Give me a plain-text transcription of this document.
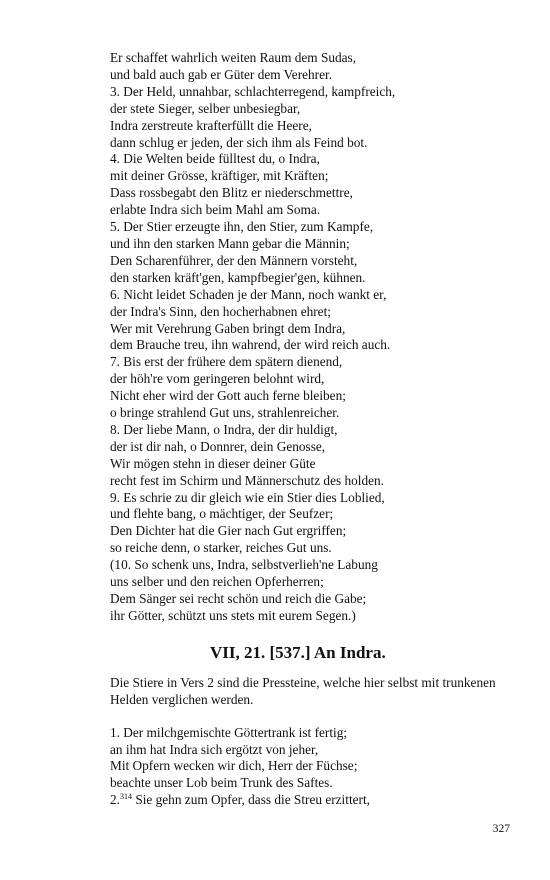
Er schaffet wahrlich weiten Raum dem Sudas,
und bald auch gab er Güter dem Verehrer.
3. Der Held, unnahbar, schlachterregend, kampfreich,
der stete Sieger, selber unbesiegbar,
Indra zerstreute krafterfüllt die Heere,
dann schlug er jeden, der sich ihm als Feind bot.
4. Die Welten beide fülltest du, o Indra,
mit deiner Grösse, kräftiger, mit Kräften;
Dass rossbegabt den Blitz er niederschmettre,
erlabte Indra sich beim Mahl am Soma.
5. Der Stier erzeugte ihn, den Stier, zum Kampfe,
und ihn den starken Mann gebar die Männin;
Den Scharenführer, der den Männern vorsteht,
den starken kräft'gen, kampfbegier'gen, kühnen.
6. Nicht leidet Schaden je der Mann, noch wankt er,
der Indra's Sinn, den hocherhabnen ehret;
Wer mit Verehrung Gaben bringt dem Indra,
dem Brauche treu, ihn wahrend, der wird reich auch.
7. Bis erst der frühere dem spätern dienend,
der höh're vom geringeren belohnt wird,
Nicht eher wird der Gott auch ferne bleiben;
o bringe strahlend Gut uns, strahlenreicher.
8. Der liebe Mann, o Indra, der dir huldigt,
der ist dir nah, o Donnrer, dein Genosse,
Wir mögen stehn in dieser deiner Güte
recht fest im Schirm und Männerschutz des holden.
9. Es schrie zu dir gleich wie ein Stier dies Loblied,
und flehte bang, o mächtiger, der Seufzer;
Den Dichter hat die Gier nach Gut ergriffen;
so reiche denn, o starker, reiches Gut uns.
(10. So schenk uns, Indra, selbstverlieh'ne Labung
uns selber und den reichen Opferherren;
Dem Sänger sei recht schön und reich die Gabe;
ihr Götter, schützt uns stets mit eurem Segen.)
VII, 21. [537.] An Indra.
Die Stiere in Vers 2 sind die Pressteine, welche hier selbst mit trunkenen Helden verglichen werden.
1. Der milchgemischte Göttertrank ist fertig;
an ihm hat Indra sich ergötzt von jeher,
Mit Opfern wecken wir dich, Herr der Füchse;
beachte unser Lob beim Trunk des Saftes.
2.$^{314}$ Sie gehn zum Opfer, dass die Streu erzittert,
327
